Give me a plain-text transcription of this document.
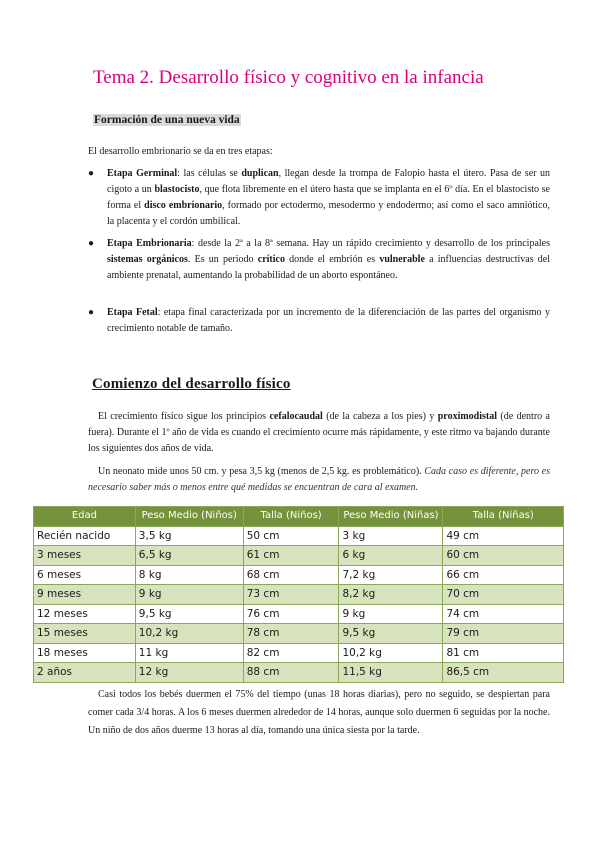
Tema 2. Desarrollo físico y cognitivo en la infancia
Formación de una nueva vida
El desarrollo embrionario se da en tres etapas:
● Etapa Germinal: las células se duplican, llegan desde la trompa de Falopio hasta el útero. Pasa de ser un cigoto a un blastocisto, que flota libremente en el útero hasta que se implanta en el 6º día. En el blastocisto se forma el disco embrionario, formado por ectodermo, mesodermo y endodermo; así como el saco amniótico, la placenta y el cordón umbilical.
● Etapa Embrionaria: desde la 2ª a la 8ª semana. Hay un rápido crecimiento y desarrollo de los principales sistemas orgánicos. Es un periodo crítico donde el embrión es vulnerable a influencias destructivas del ambiente prenatal, aumentando la probabilidad de un aborto espontáneo.
● Etapa Fetal: etapa final caracterizada por un incremento de la diferenciación de las partes del organismo y crecimiento notable de tamaño.
Comienzo del desarrollo físico
El crecimiento físico sigue los principios cefalocaudal (de la cabeza a los pies) y proximodistal (de dentro a fuera). Durante el 1º año de vida es cuando el crecimiento ocurre más rápidamente, y este ritmo va bajando durante los siguientes dos años de vida.
Un neonato mide unos 50 cm. y pesa 3,5 kg (menos de 2,5 kg. es problemático). Cada caso es diferente, pero es necesario saber más o menos entre qué medidas se encuentran de cara al examen.
Edad	Peso Medio (Niños)	Talla (Niños)	Peso Medio (Niñas)	Talla (Niñas)
Recién nacido	3,5 kg	50 cm	3 kg	49 cm
3 meses	6,5 kg	61 cm	6 kg	60 cm
6 meses	8 kg	68 cm	7,2 kg	66 cm
9 meses	9 kg	73 cm	8,2 kg	70 cm
12 meses	9,5 kg	76 cm	9 kg	74 cm
15 meses	10,2 kg	78 cm	9,5 kg	79 cm
18 meses	11 kg	82 cm	10,2 kg	81 cm
2 años	12 kg	88 cm	11,5 kg	86,5 cm
Casi todos los bebés duermen el 75% del tiempo (unas 18 horas diarias), pero no seguido, se despiertan para comer cada 3/4 horas. A los 6 meses duermen alrededor de 14 horas, aunque solo duermen 6 seguidas por la noche. Un niño de dos años duerme 13 horas al día, tomando una única siesta por la tarde.
